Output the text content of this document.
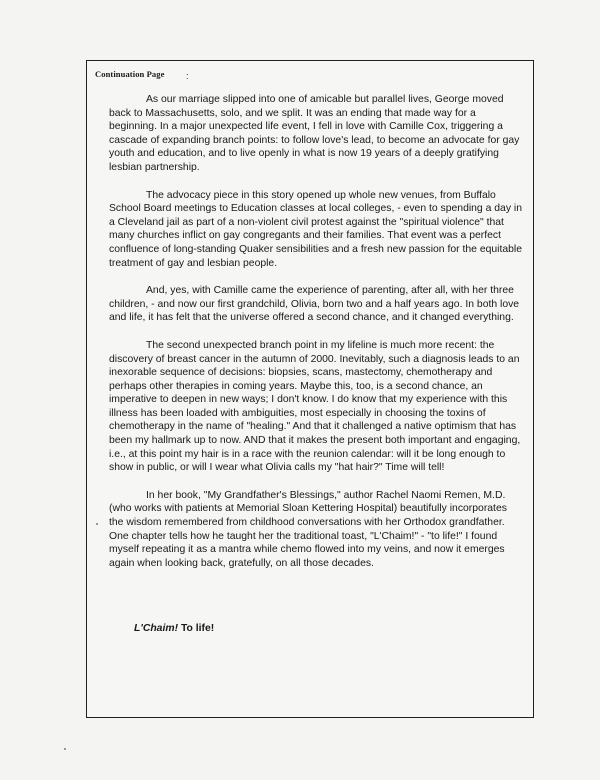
Continuation Page :

As our marriage slipped into one of amicable but parallel lives, George moved back to Massachusetts, solo, and we split. It was an ending that made way for a beginning. In a major unexpected life event, I fell in love with Camille Cox, triggering a cascade of expanding branch points: to follow love's lead, to become an advocate for gay youth and education, and to live openly in what is now 19 years of a deeply gratifying lesbian partnership.

The advocacy piece in this story opened up whole new venues, from Buffalo School Board meetings to Education classes at local colleges, - even to spending a day in a Cleveland jail as part of a non-violent civil protest against the "spiritual violence" that many churches inflict on gay congregants and their families. That event was a perfect confluence of long-standing Quaker sensibilities and a fresh new passion for the equitable treatment of gay and lesbian people.

And, yes, with Camille came the experience of parenting, after all, with her three children, - and now our first grandchild, Olivia, born two and a half years ago. In both love and life, it has felt that the universe offered a second chance, and it changed everything.

The second unexpected branch point in my lifeline is much more recent: the discovery of breast cancer in the autumn of 2000. Inevitably, such a diagnosis leads to an inexorable sequence of decisions: biopsies, scans, mastectomy, chemotherapy and perhaps other therapies in coming years. Maybe this, too, is a second chance, an imperative to deepen in new ways; I don't know. I do know that my experience with this illness has been loaded with ambiguities, most especially in choosing the toxins of chemotherapy in the name of "healing." And that it challenged a native optimism that has been my hallmark up to now. AND that it makes the present both important and engaging, i.e., at this point my hair is in a race with the reunion calendar: will it be long enough to show in public, or will I wear what Olivia calls my "hat hair?" Time will tell!

In her book, "My Grandfather's Blessings," author Rachel Naomi Remen, M.D. (who works with patients at Memorial Sloan Kettering Hospital) beautifully incorporates the wisdom remembered from childhood conversations with her Orthodox grandfather. One chapter tells how he taught her the traditional toast, "L'Chaim!" - "to life!" I found myself repeating it as a mantra while chemo flowed into my veins, and now it emerges again when looking back, gratefully, on all those decades.

L'Chaim! To life!
